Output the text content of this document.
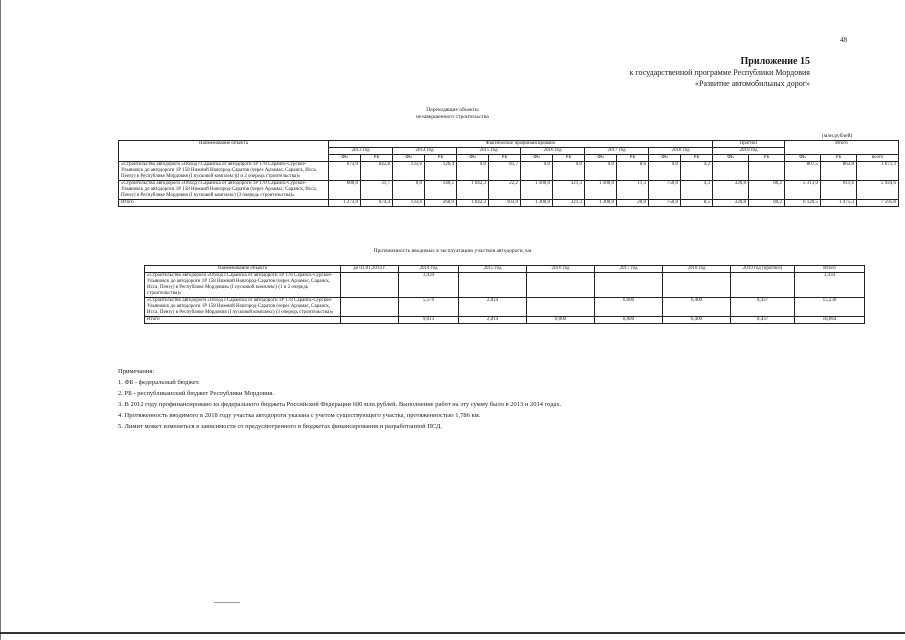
48
Приложение 15
к государственной программе Республики Мордовия
«Развитие автомобильных дорог»
Переходящие объекты
незавершенного строительства
(млн.рублей)
Наименование объекта	Фактическое профинансировано												Прогноз		Итого		
	2013 год		2014 год		2015 год		2016 год		2017 год		2018 год		2019 год				
	ФБ	РБ	ФБ	РБ	ФБ	РБ	ФБ	РБ	ФБ	РБ	ФБ	РБ	ФБ	РБ	ФБ	РБ	всего
«Строительство автодороги «Обход г.Саранска от автодороги 1Р 178 Саранск-Сурское-Ульяновск до автодороги 1Р 158 Нижний Новгород-Саратов (через Арзамас, Саранск, Исса, Пензу) в Республике Мордовия (I пусковой комплекс)(I и 2 очередь строительства)»	673,9	642,8	133,6	126,4	0,0	81,7	0,0	0,0	0,0	8,6	0,0	4,2			807,5	863,8	1 671,3
«Строительство автодороги «Обход г.Саранска от автодороги 1Р 178 Саранск-Сурское-Ульяновск до автодороги 1Р 158 Нижний Новгород-Саратов (через Арзамас, Саранск, Исса, Пензу) в Республике Мордовия (I пусковой комплекс) (3 очередь строительства)»	600,0	31,7	0,0	140,5	1 042,3	22,2	1 300,0	321,3	1 300,0	11,3	750,0	4,3	320,8	80,2	5 313,0	611,6	5 924,6
Итого	1 273,9	674,4	133,6	266,9	1 042,3	103,9	1 300,0	321,3	1 300,0	20,0	750,0	8,5	320,8	80,2	6 120,5	1 475,3	7 595,8
Протяженность вводимых в эксплуатацию участков автодороги, км
Наименование объекта	до 01.01.2014 г.	2014 год	2015 год	2016 год	2017 год	2018 год	2019 год (прогноз)	Итого
«Строительство автодороги «Обход г.Саранска от автодороги 1Р 178 Саранск-Сурское-Ульяновск до автодороги 1Р 158 Нижний Новгород-Саратов (через Арзамас, Саранск, Исса, Пензу) в Республике Мордовия» (I пусковой комплекс) (1 и 2 очередь строительства)»		3,434						3,434
«Строительство автодороги «Обход г.Саранска от автодороги 1Р 178 Саранск-Сурское-Ульяновск до автодороги 1Р 158 Нижний Новгород-Саратов (через Арзамас, Саранск, Исса, Пензу) в Республике Мордовия (I пусковой комплекс) (3 очередь строительства)»		5,579	2,814		0,000	6,400	0,437	15,230
Итого		9,013	2,814	0,000	0,000	6,400	0,437	18,664
Примечания:
1. ФБ - федеральный бюджет.
2. РБ - республиканский бюджет Республики Мордовия.
3. В 2012 году профинансировано из федерального бюджета Российской Федерации 600 млн.рублей. Выполнение работ на эту сумму было в 2013 и 2014 годах.
4. Протяженность вводимого в 2018 году участка автодороги указана с учетом существующего участка, протяженностью 1,786 км.
5. Лимит может изменяться в зависимости от предусмотренного в бюджетах финансирования и разработанной ПСД.
